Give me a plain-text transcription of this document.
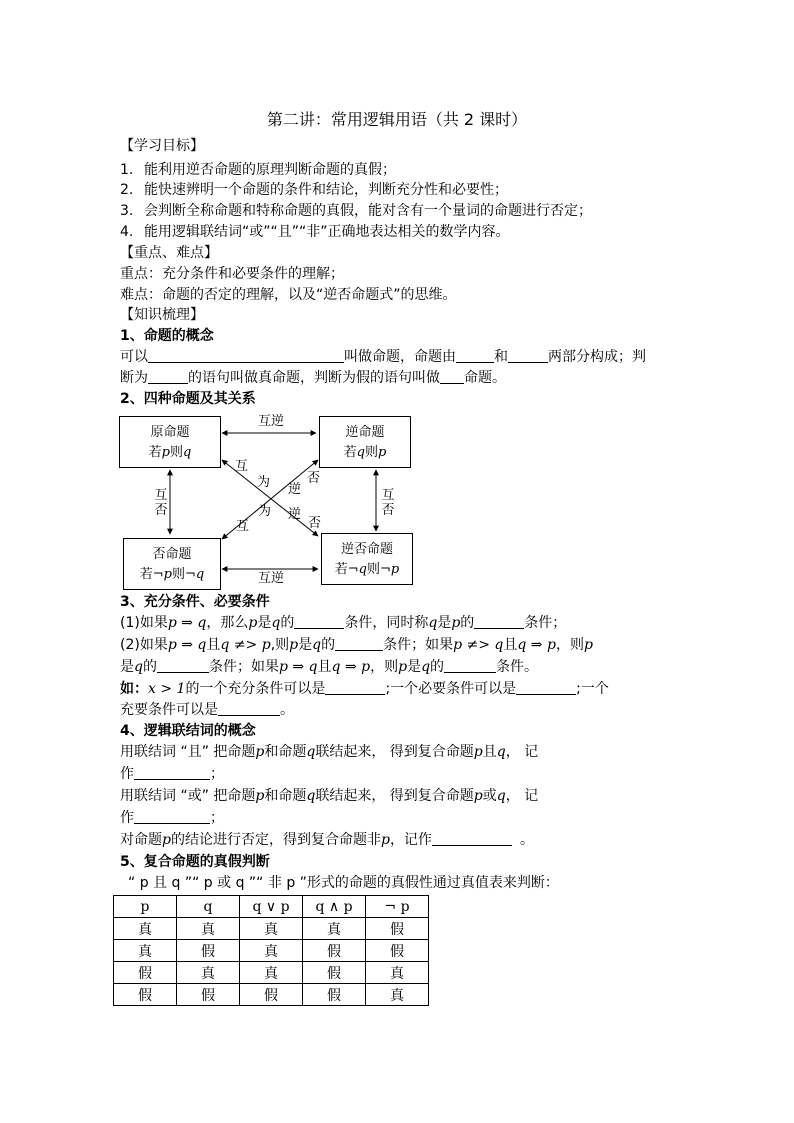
第二讲：常用逻辑用语（共 2 课时）
【学习目标】
1. 能利用逆否命题的原理判断命题的真假；
2. 能快速辨明一个命题的条件和结论，判断充分性和必要性；
3. 会判断全称命题和特称命题的真假，能对含有一个量词的命题进行否定；
4. 能用逻辑联结词“或”“且”“非”正确地表达相关的数学内容。
【重点、难点】
重点：充分条件和必要条件的理解；
难点：命题的否定的理解，以及“逆否命题式”的思维。
【知识梳理】
1、命题的概念
可以	叫做命题，命题由	和	两部分构成；判
断为	的语句叫做真命题，判断为假的语句叫做 命题。
2、四种命题及其关系
原命题
若p则q
逆命题
若q则p
否命题
若¬p则¬q
逆否命题
若¬q则¬p
互逆
互逆
互
否
互
否
互
为 逆
否
互
为 逆
否
3、充分条件、必要条件
(1)如果p ⇒ q，那么p是q的	条件，同时称q是p的	条件；
(2)如果p ⇒ q且q ≠> p,则p是q的	条件；如果p ≠> q且q ⇒ p，则p
是q的	条件；如果p ⇒ q且q ⇒ p，则p是q的	条件。
如：x > 1的一个充分条件可以是	;一个必要条件可以是	;一个
充要条件可以是	。
4、逻辑联结词的概念
用联结词 “且” 把命题p和命题q联结起来， 得到复合命题p且q， 记
作	；
用联结词 “或” 把命题p和命题q联结起来， 得到复合命题p或q， 记
作	；
对命题p的结论进行否定，得到复合命题非p，记作	。
5、复合命题的真假判断
“ p 且 q ”“ p 或 q ”“ 非 p ”形式的命题的真假性通过真值表来判断：
p	q	q ∨ p	q ∧ p	¬ p
真	真	真	真	假
真	假	真	假	假
假	真	真	假	真
假	假	假	假	真
